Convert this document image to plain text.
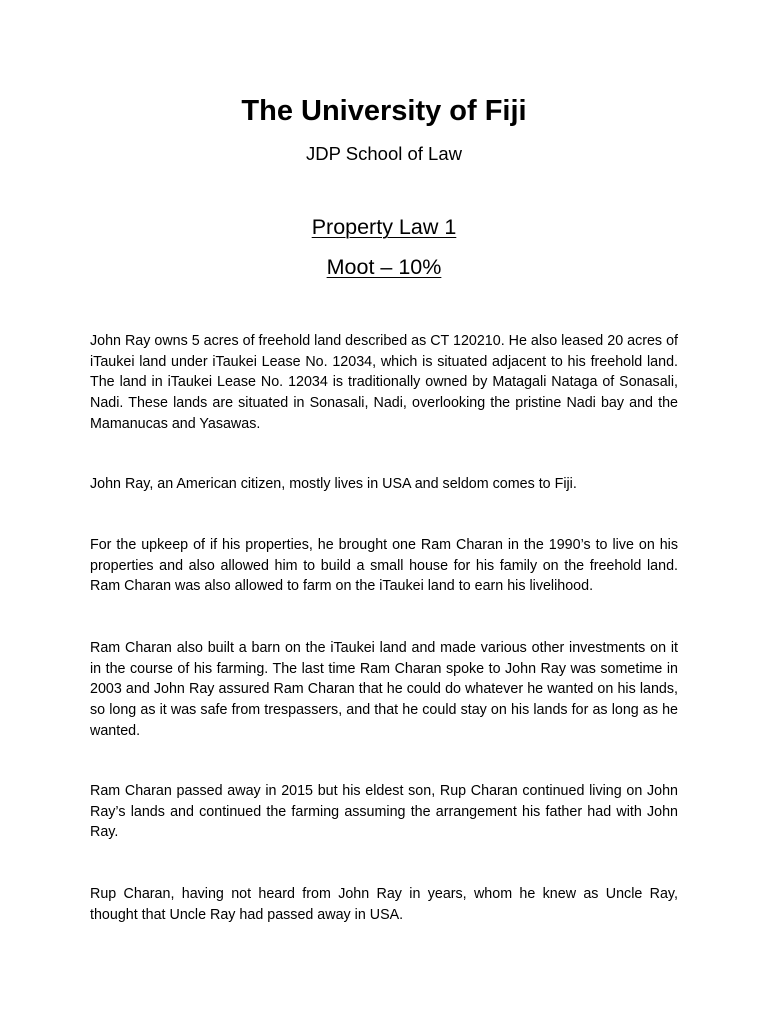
The University of Fiji

JDP School of Law

Property Law 1

Moot – 10%

John Ray owns 5 acres of freehold land described as CT 120210. He also leased 20 acres of iTaukei land under iTaukei Lease No. 12034, which is situated adjacent to his freehold land. The land in iTaukei Lease No. 12034 is traditionally owned by Matagali Nataga of Sonasali, Nadi. These lands are situated in Sonasali, Nadi, overlooking the pristine Nadi bay and the Mamanucas and Yasawas.

John Ray, an American citizen, mostly lives in USA and seldom comes to Fiji.

For the upkeep of if his properties, he brought one Ram Charan in the 1990’s to live on his properties and also allowed him to build a small house for his family on the freehold land. Ram Charan was also allowed to farm on the iTaukei land to earn his livelihood.

Ram Charan also built a barn on the iTaukei land and made various other investments on it in the course of his farming. The last time Ram Charan spoke to John Ray was sometime in 2003 and John Ray assured Ram Charan that he could do whatever he wanted on his lands, so long as it was safe from trespassers, and that he could stay on his lands for as long as he wanted.

Ram Charan passed away in 2015 but his eldest son, Rup Charan continued living on John Ray’s lands and continued the farming assuming the arrangement his father had with John Ray.

Rup Charan, having not heard from John Ray in years, whom he knew as Uncle Ray, thought that Uncle Ray had passed away in USA.
